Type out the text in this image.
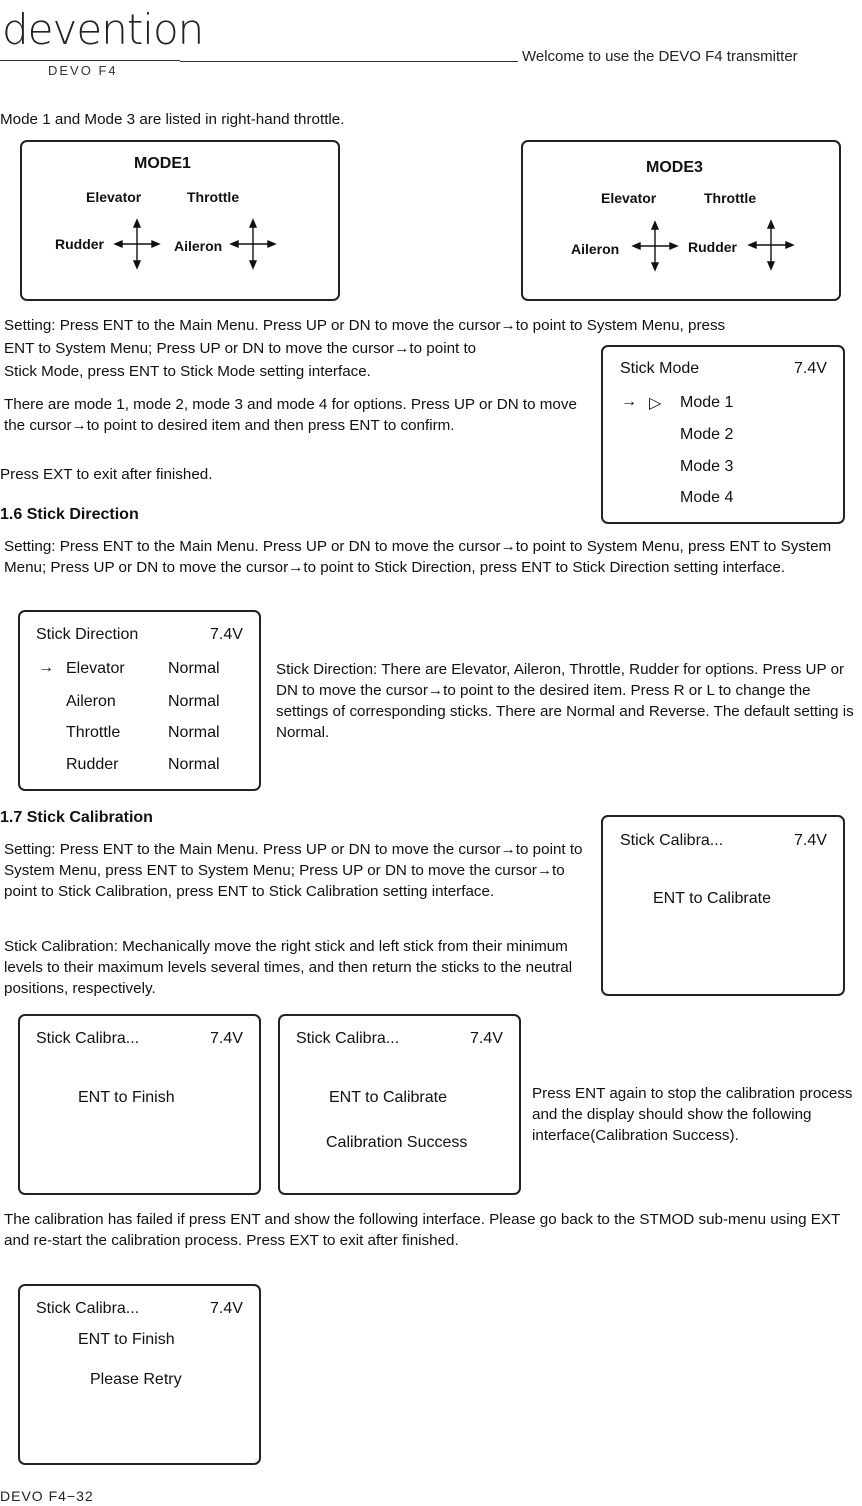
devention
DEVO F4
Welcome to use the DEVO F4 transmitter

Mode 1 and Mode 3 are listed in right-hand throttle.

MODE1
Elevator	Throttle
Rudder	Aileron
MODE3
Elevator	Throttle
Aileron	Rudder

Setting: Press ENT to the Main Menu. Press UP or DN to move the cursor→to point to System Menu, press

ENT to System Menu; Press UP or DN to move the cursor→to point to

Stick Mode, press ENT to Stick Mode setting interface.

There are mode 1, mode 2, mode 3 and mode 4 for options. Press UP or DN to move the cursor→to point to desired item and then press ENT to confirm.

Press EXT to exit after finished.

Stick Mode	7.4V
→ ▷ Mode 1
Mode 2
Mode 3
Mode 4
1.6 Stick Direction

Setting: Press ENT to the Main Menu. Press UP or DN to move the cursor→to point to System Menu, press ENT to System Menu; Press UP or DN to move the cursor→to point to Stick Direction, press ENT to Stick Direction setting interface.

Stick Direction	7.4V
→ Elevator	Normal
Aileron	Normal
Throttle	Normal
Rudder	Normal

Stick Direction: There are Elevator, Aileron, Throttle, Rudder for options. Press UP or DN to move the cursor→to point to the desired item. Press R or L to change the settings of corresponding sticks. There are Normal and Reverse. The default setting is Normal.

1.7 Stick Calibration

Setting: Press ENT to the Main Menu. Press UP or DN to move the cursor→to point to System Menu, press ENT to System Menu; Press UP or DN to move the cursor→to point to Stick Calibration, press ENT to Stick Calibration setting interface.

Stick Calibration: Mechanically move the right stick and left stick from their minimum levels to their maximum levels several times, and then return the sticks to the neutral positions, respectively.

Stick Calibra...	7.4V
ENT to Calibrate
Stick Calibra...	7.4V
ENT to Finish
Stick Calibra...	7.4V
ENT to Calibrate
Calibration Success

Press ENT again to stop the calibration process and the display should show the following interface(Calibration Success).

The calibration has failed if press ENT and show the following interface. Please go back to the STMOD sub-menu using EXT and re-start the calibration process. Press EXT to exit after finished.

Stick Calibra...	7.4V
ENT to Finish
Please Retry
DEVO F4−32
